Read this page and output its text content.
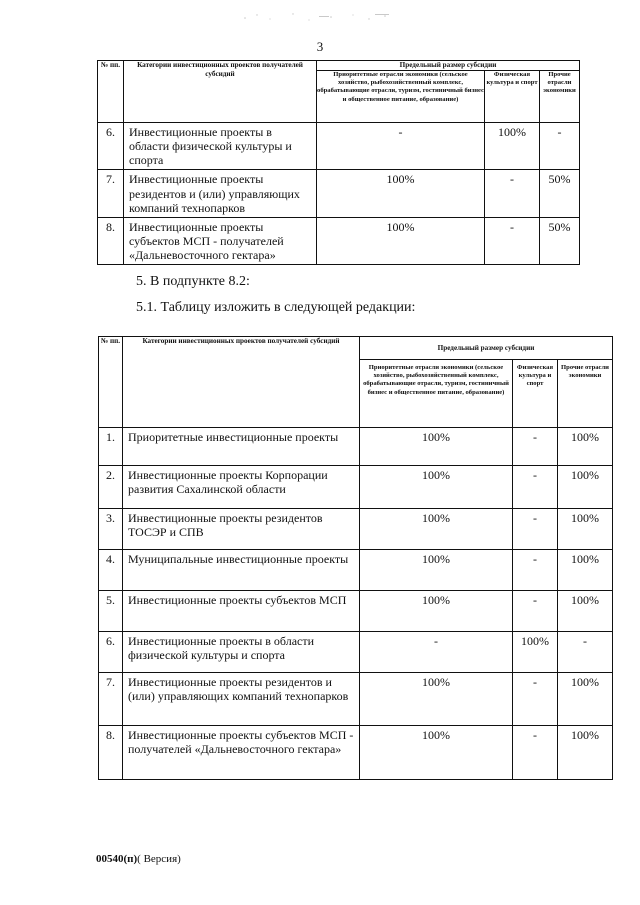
3
№ пп.	Категории инвестиционных проектов получателей субсидий	Предельный размер субсидии		
		Приоритетные отрасли экономики (сельское хозяйство, рыбохозяйственный комплекс, обрабатывающие отрасли, туризм, гостиничный бизнес и общественное питание, образование)	Физическая культура и спорт	Прочие отрасли экономики
6.	Инвестиционные проекты в области физической культуры и спорта	-	100%	-
7.	Инвестиционные проекты резидентов и (или) управляющих компаний технопарков	100%	-	50%
8.	Инвестиционные проекты субъектов МСП - получателей «Дальневосточного гектара»	100%	-	50%
5. В подпункте 8.2:
5.1. Таблицу изложить в следующей редакции:
№ пп.	Категории инвестиционных проектов получателей субсидий	Предельный размер субсидии		
		Приоритетные отрасли экономики (сельское хозяйство, рыбохозяйственный комплекс, обрабатывающие отрасли, туризм, гостиничный бизнес и общественное питание, образование)	Физическая культура и спорт	Прочие отрасли экономики
1.	Приоритетные инвестиционные проекты	100%	-	100%
2.	Инвестиционные проекты Корпорации развития Сахалинской области	100%	-	100%
3.	Инвестиционные проекты резидентов ТОСЭР и СПВ	100%	-	100%
4.	Муниципальные инвестиционные проекты	100%	-	100%
5.	Инвестиционные проекты субъектов МСП	100%	-	100%
6.	Инвестиционные проекты в области физической культуры и спорта	-	100%	-
7.	Инвестиционные проекты резидентов и (или) управляющих компаний технопарков	100%	-	100%
8.	Инвестиционные проекты субъектов МСП - получателей «Дальневосточного гектара»	100%	-	100%
00540(п)( Версия)
